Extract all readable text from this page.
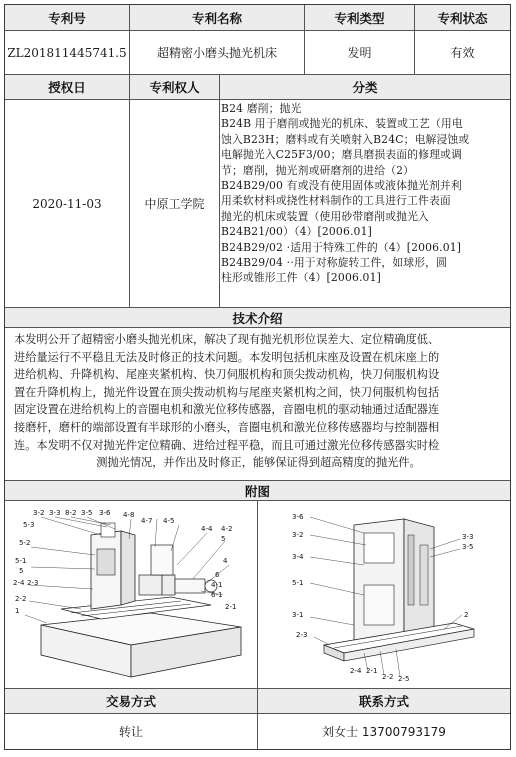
专利号	专利名称	专利类型	专利状态
ZL201811445741.5	超精密小磨头抛光机床	发明	有效
授权日	专利权人	分类
2020-11-03	中原工学院
B24 磨削；抛光
B24B 用于磨削或抛光的机床、装置或工艺（用电
蚀入B23H；磨料或有关喷射入B24C；电解浸蚀或
电解抛光入C25F3/00；磨具磨损表面的修理或调
节；磨削，抛光剂或研磨剂的进给（2）
B24B29/00 有或没有使用固体或液体抛光剂并利
用柔软材料或挠性材料制作的工具进行工件表面
抛光的机床或装置（使用砂带磨削或抛光入
B24B21/00）（4）[2006.01]
B24B29/02 ·适用于特殊工件的（4）[2006.01]
B24B29/04 ··用于对称旋转工件，如球形，圆
柱形或锥形工件（4）[2006.01]
技术介绍
本发明公开了超精密小磨头抛光机床，解决了现有抛光机形位误差大、定位精确度低、
进给量运行不平稳且无法及时修正的技术问题。本发明包括机床座及设置在机床座上的
进给机构、升降机构、尾座夹紧机构、快刀伺服机构和顶尖拨动机构，快刀伺服机构设
置在升降机构上，抛光件设置在顶尖拨动机构与尾座夹紧机构之间，快刀伺服机构包括
固定设置在进给机构上的音圈电机和激光位移传感器，音圈电机的驱动轴通过适配器连
接磨杆，磨杆的端部设置有半球形的小磨头，音圈电机和激光位移传感器均与控制器相
连。本发明不仅对抛光件定位精确、进给过程平稳，而且可通过激光位移传感器实时检
测抛光情况，并作出及时修正，能够保证得到超高精度的抛光件。
附图
3-2 3-3 8-2 3-5 3-6 4-8
4-7 4-5
4-4 4-2
5
4
6
4-1
6-1
2-1
5-3
5-2
5-1
5
2-4 2-3
2-2
1
3-6
3-2
3-4
5-1
3-1
2-3
3-3
3-5
2
2-4 2-1
2-2 2-5
交易方式	联系方式
转让	刘女士 13700793179
